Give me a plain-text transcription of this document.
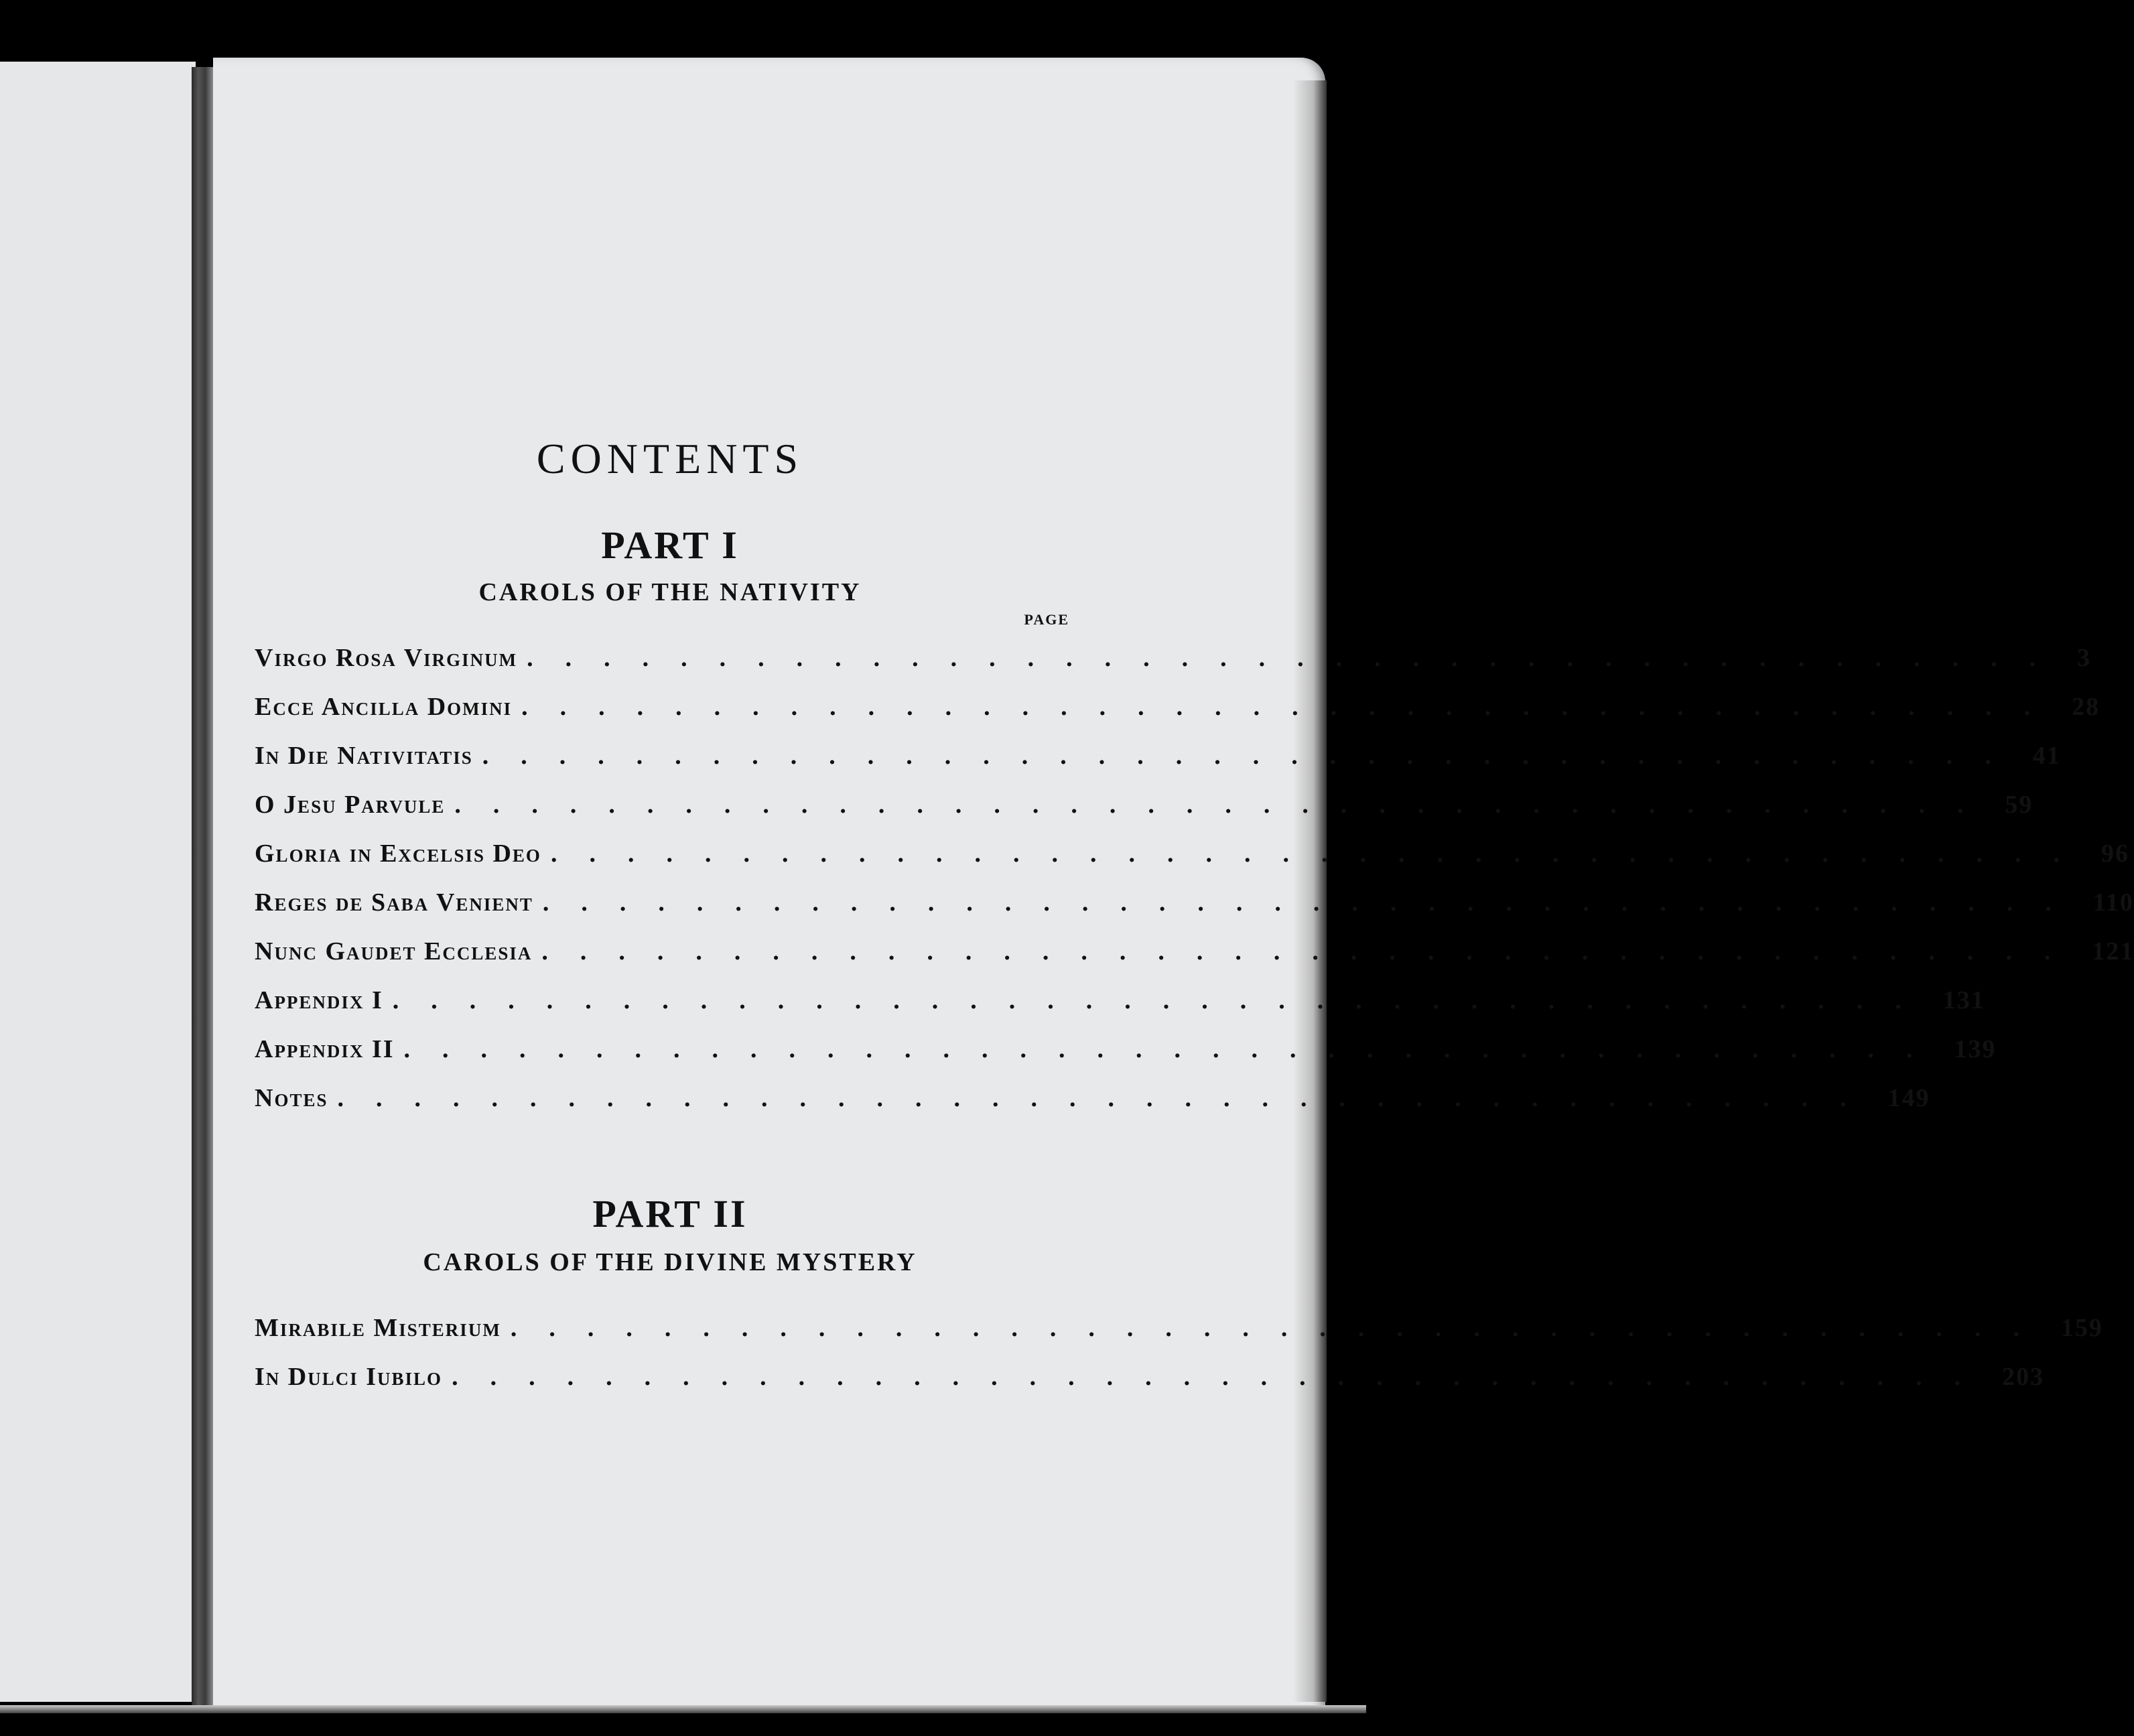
CONTENTS
PART I
CAROLS OF THE NATIVITY
PAGE
Virgo Rosa Virginum ........................................ 3
Ecce Ancilla Domini ........................................ 28
In Die Nativitatis ........................................ 41
O Jesu Parvule ........................................ 59
Gloria in Excelsis Deo ........................................ 96
Reges de Saba Venient ........................................ 110
Nunc Gaudet Ecclesia ........................................ 121
Appendix I ........................................ 131
Appendix II ........................................ 139
Notes ........................................ 149
PART II
CAROLS OF THE DIVINE MYSTERY
Mirabile Misterium ........................................ 159
In Dulci Iubilo ........................................ 203
